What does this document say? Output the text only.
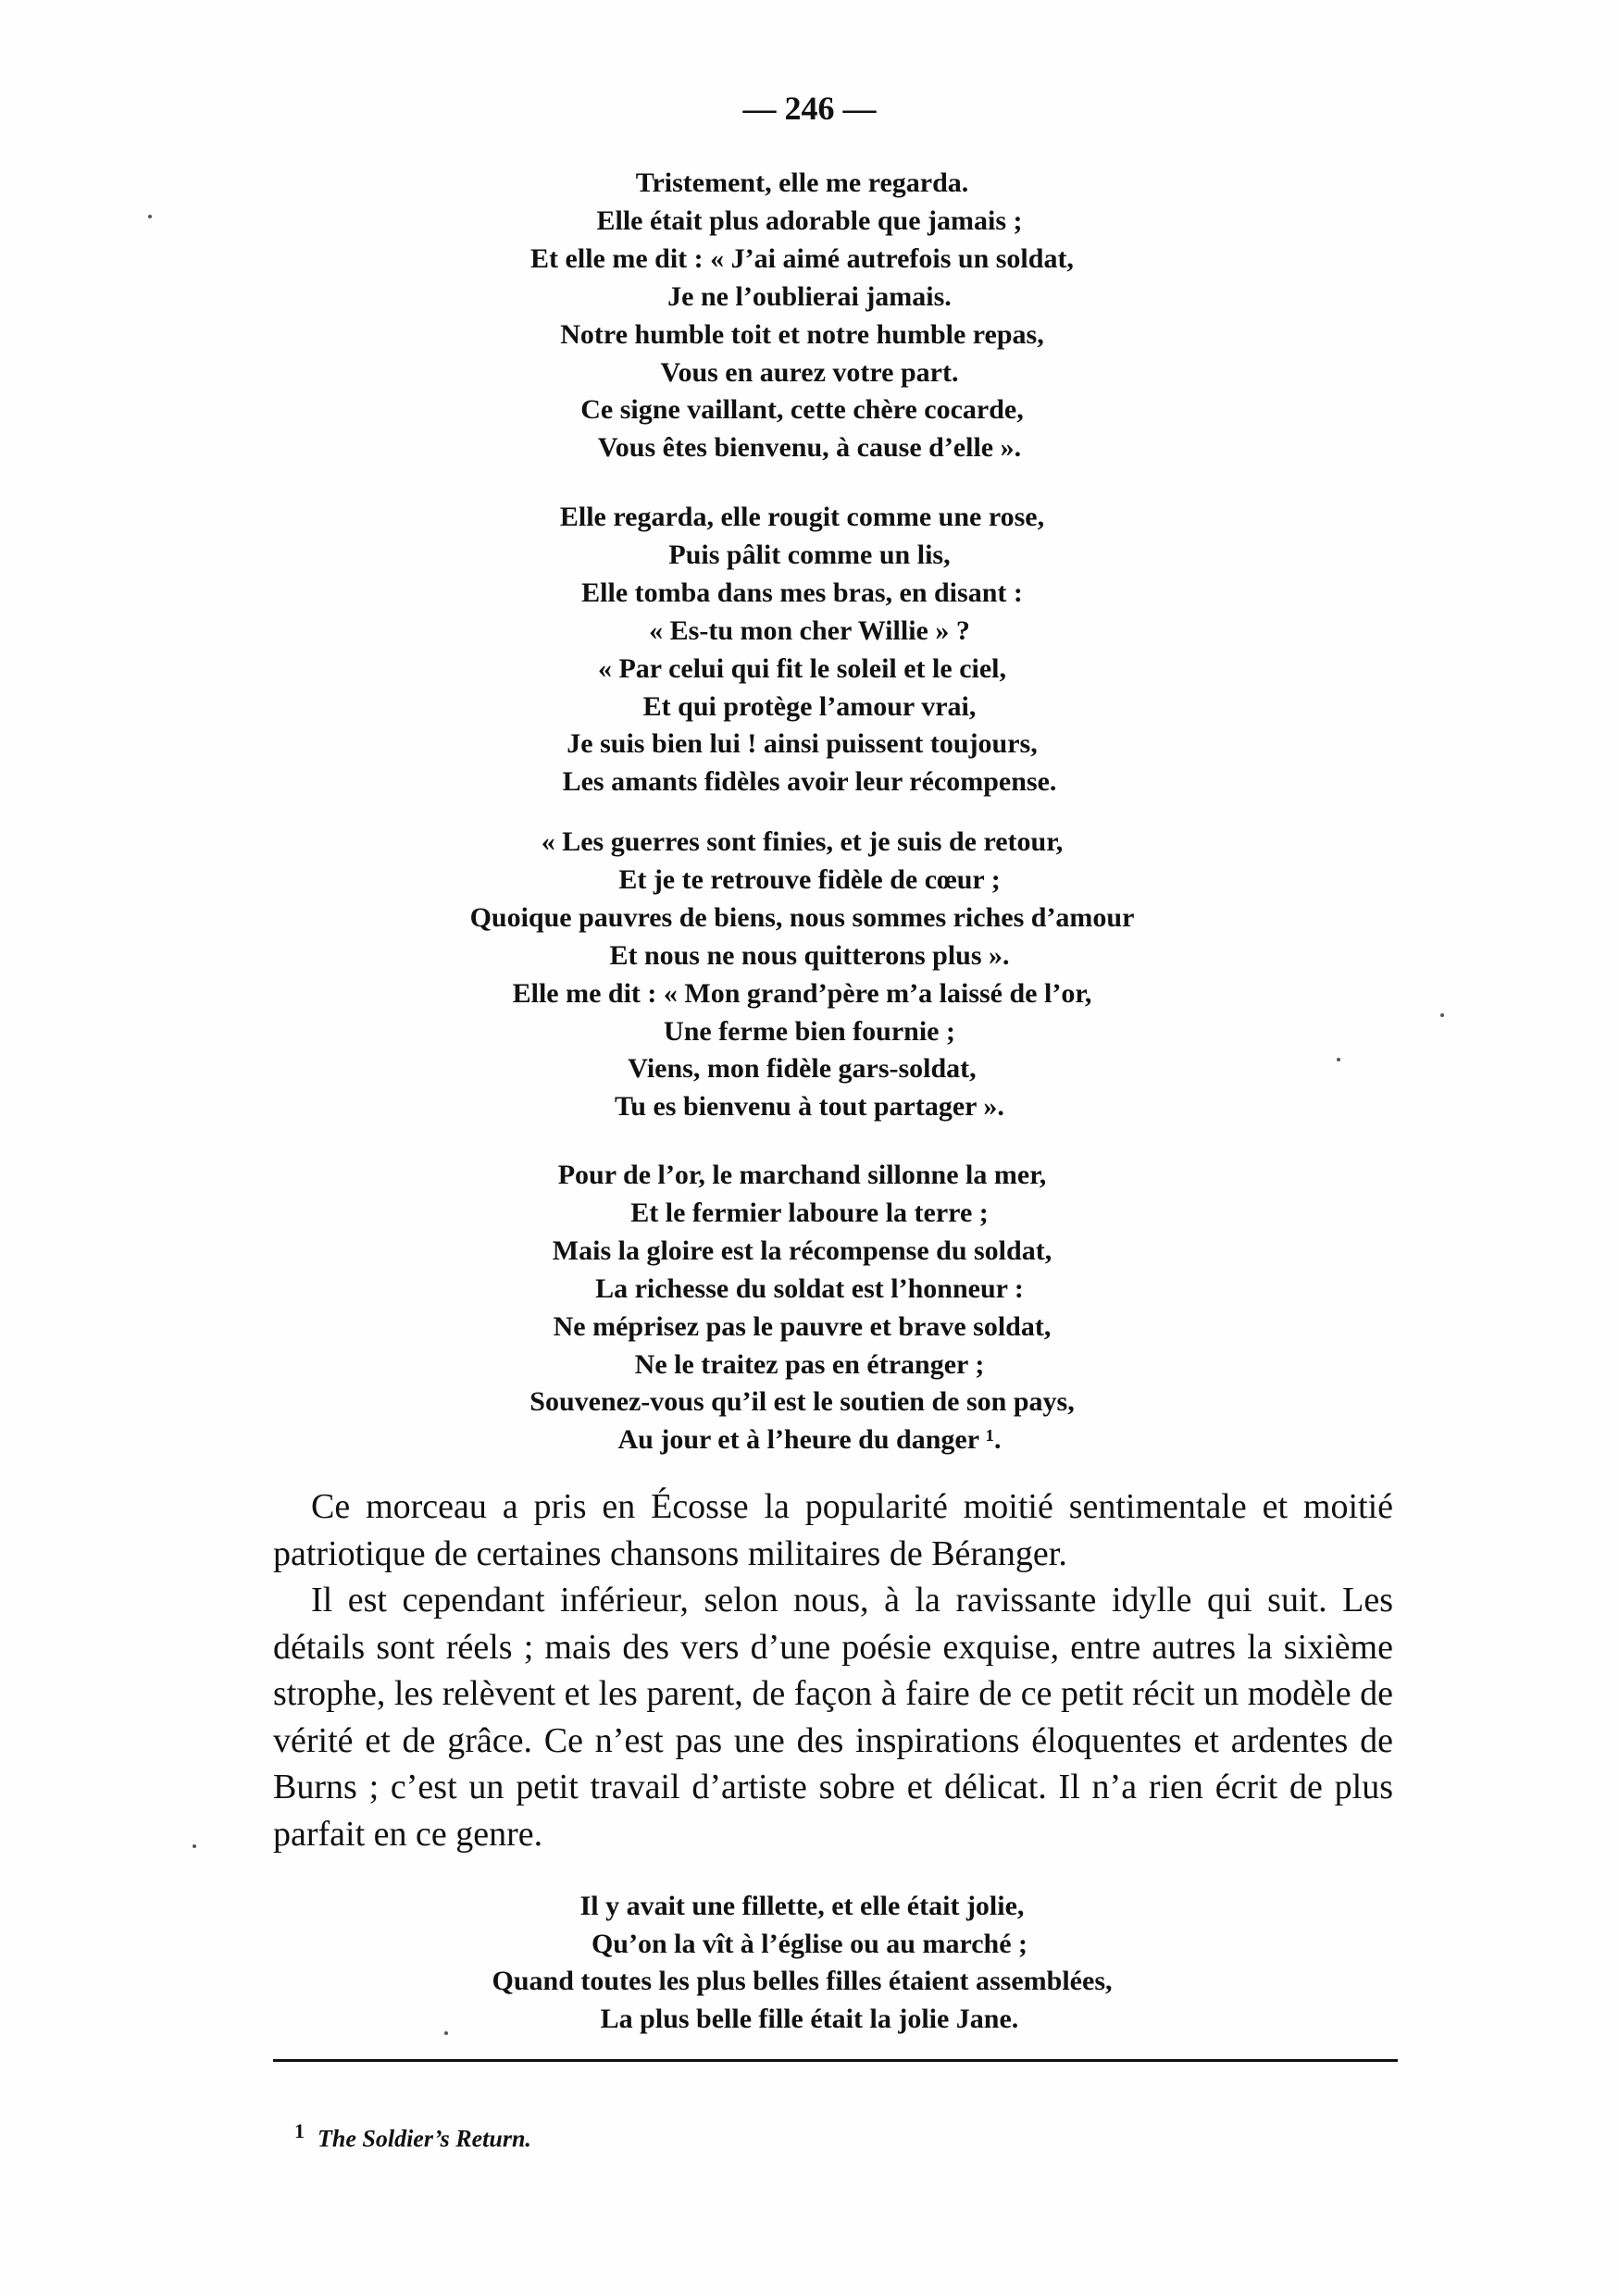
— 246 —
Tristement, elle me regarda.
Elle était plus adorable que jamais ;
Et elle me dit : « J’ai aimé autrefois un soldat,
Je ne l’oublierai jamais.
Notre humble toit et notre humble repas,
Vous en aurez votre part.
Ce signe vaillant, cette chère cocarde,
Vous êtes bienvenu, à cause d’elle ».
Elle regarda, elle rougit comme une rose,
Puis pâlit comme un lis,
Elle tomba dans mes bras, en disant :
« Es-tu mon cher Willie » ?
« Par celui qui fit le soleil et le ciel,
Et qui protège l’amour vrai,
Je suis bien lui ! ainsi puissent toujours,
Les amants fidèles avoir leur récompense.
« Les guerres sont finies, et je suis de retour,
Et je te retrouve fidèle de cœur ;
Quoique pauvres de biens, nous sommes riches d’amour
Et nous ne nous quitterons plus ».
Elle me dit : « Mon grand’père m’a laissé de l’or,
Une ferme bien fournie ;
Viens, mon fidèle gars-soldat,
Tu es bienvenu à tout partager ».
Pour de l’or, le marchand sillonne la mer,
Et le fermier laboure la terre ;
Mais la gloire est la récompense du soldat,
La richesse du soldat est l’honneur :
Ne méprisez pas le pauvre et brave soldat,
Ne le traitez pas en étranger ;
Souvenez-vous qu’il est le soutien de son pays,
Au jour et à l’heure du danger ¹.

Ce morceau a pris en Écosse la popularité moitié sentimentale et moitié patriotique de certaines chansons militaires de Béranger.

Il est cependant inférieur, selon nous, à la ravissante idylle qui suit. Les détails sont réels ; mais des vers d’une poésie exquise, entre autres la sixième strophe, les relèvent et les parent, de façon à faire de ce petit récit un modèle de vérité et de grâce. Ce n’est pas une des inspirations éloquentes et ardentes de Burns ; c’est un petit travail d’artiste sobre et délicat. Il n’a rien écrit de plus parfait en ce genre.

Il y avait une fillette, et elle était jolie,
Qu’on la vît à l’église ou au marché ;
Quand toutes les plus belles filles étaient assemblées,
La plus belle fille était la jolie Jane.
$^1$ The Soldier’s Return.
